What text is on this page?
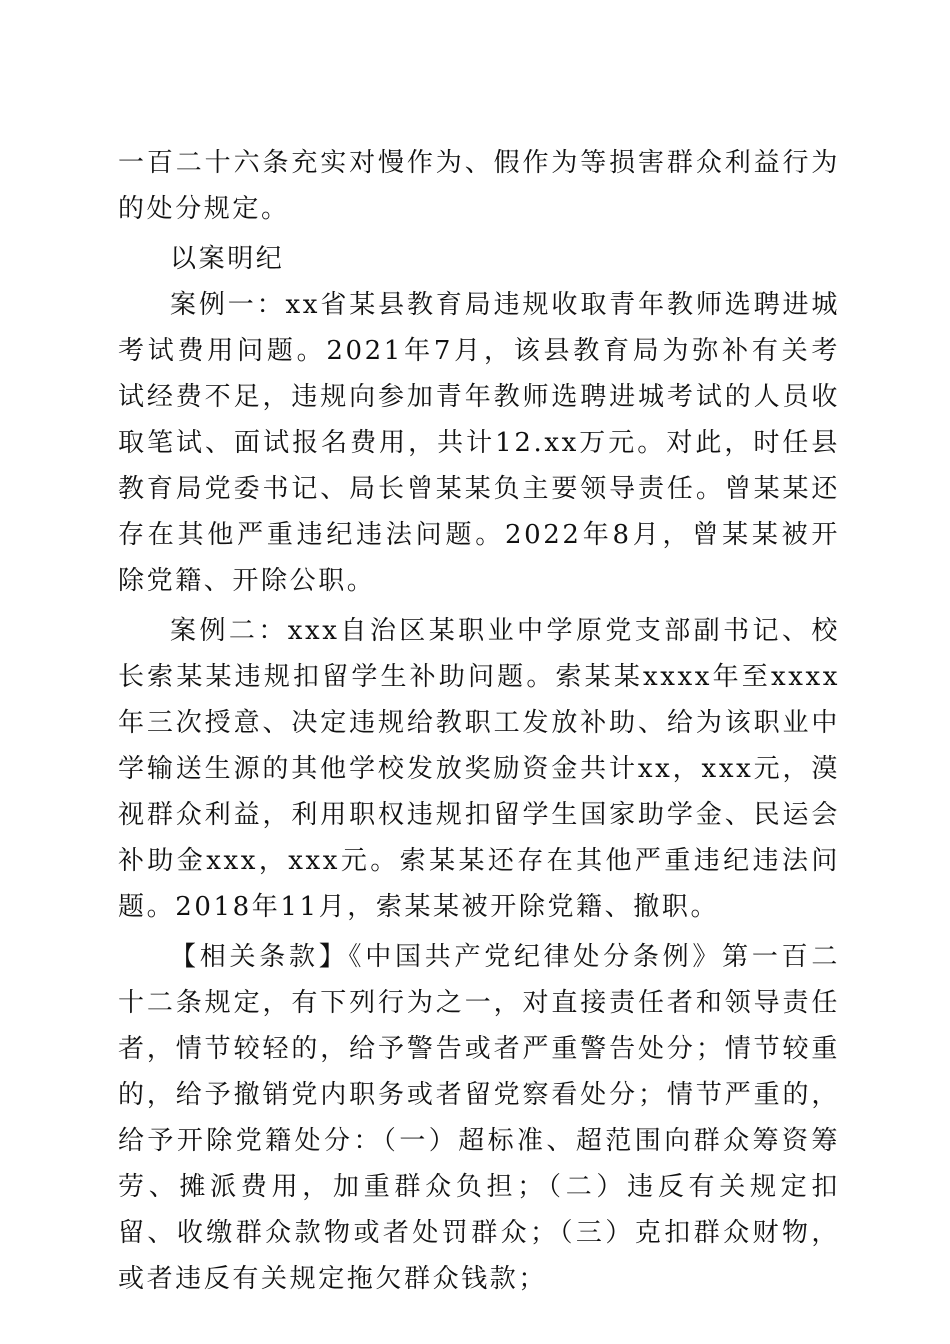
一百二十六条充实对慢作为、假作为等损害群众利益行为的处分规定。

以案明纪

案例一：xx省某县教育局违规收取青年教师选聘进城考试费用问题。2021年7月，该县教育局为弥补有关考试经费不足，违规向参加青年教师选聘进城考试的人员收取笔试、面试报名费用，共计12.xx万元。对此，时任县教育局党委书记、局长曾某某负主要领导责任。曾某某还存在其他严重违纪违法问题。2022年8月，曾某某被开除党籍、开除公职。

案例二：xxx自治区某职业中学原党支部副书记、校长索某某违规扣留学生补助问题。索某某xxxx年至xxxx年三次授意、决定违规给教职工发放补助、给为该职业中学输送生源的其他学校发放奖励资金共计xx，xxx元，漠视群众利益，利用职权违规扣留学生国家助学金、民运会补助金xxx，xxx元。索某某还存在其他严重违纪违法问题。2018年11月，索某某被开除党籍、撤职。

【相关条款】《中国共产党纪律处分条例》第一百二十二条规定，有下列行为之一，对直接责任者和领导责任者，情节较轻的，给予警告或者严重警告处分；情节较重的，给予撤销党内职务或者留党察看处分；情节严重的，给予开除党籍处分：（一）超标准、超范围向群众筹资筹劳、摊派费用，加重群众负担；（二）违反有关规定扣留、收缴群众款物或者处罚群众；（三）克扣群众财物，或者违反有关规定拖欠群众钱款；
